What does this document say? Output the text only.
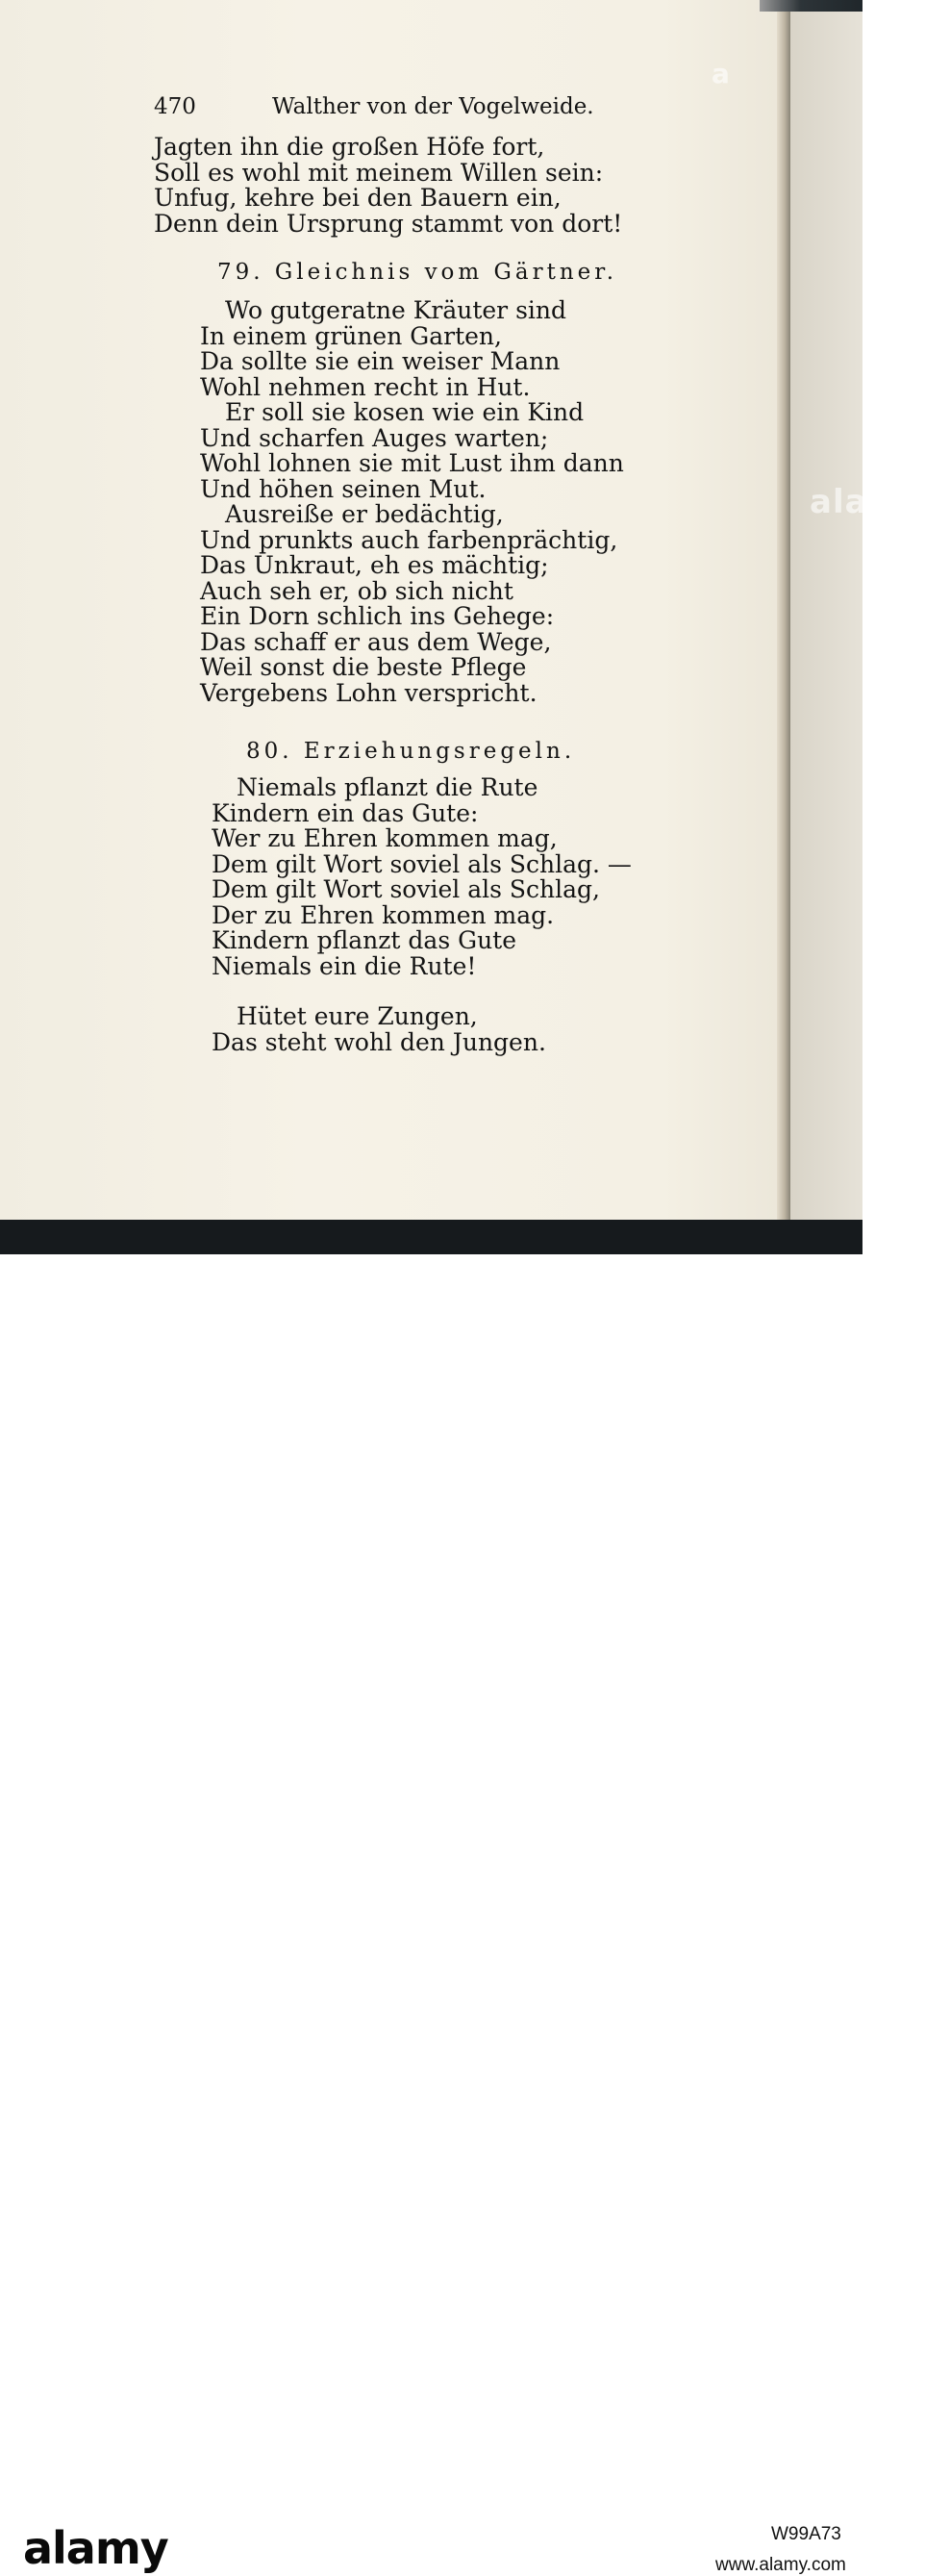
470	Walther von der Vogelweide.
Jagten ihn die großen Höfe fort,
Soll es wohl mit meinem Willen sein:
Unfug, kehre bei den Bauern ein,
Denn dein Ursprung stammt von dort!
79. Gleichnis vom Gärtner.
Wo gutgeratne Kräuter sind
In einem grünen Garten,
Da sollte sie ein weiser Mann
Wohl nehmen recht in Hut.
Er soll sie kosen wie ein Kind
Und scharfen Auges warten;
Wohl lohnen sie mit Lust ihm dann
Und höhen seinen Mut.
Ausreiße er bedächtig,
Und prunkts auch farbenprächtig,
Das Unkraut, eh es mächtig;
Auch seh er, ob sich nicht
Ein Dorn schlich ins Gehege:
Das schaff er aus dem Wege,
Weil sonst die beste Pflege
Vergebens Lohn verspricht.
80. Erziehungsregeln.
Niemals pflanzt die Rute
Kindern ein das Gute:
Wer zu Ehren kommen mag,
Dem gilt Wort soviel als Schlag. —
Dem gilt Wort soviel als Schlag,
Der zu Ehren kommen mag.
Kindern pflanzt das Gute
Niemals ein die Rute!
Hütet eure Zungen,
Das steht wohl den Jungen.
alamy
a
alamy	W99A73
www.alamy.com
